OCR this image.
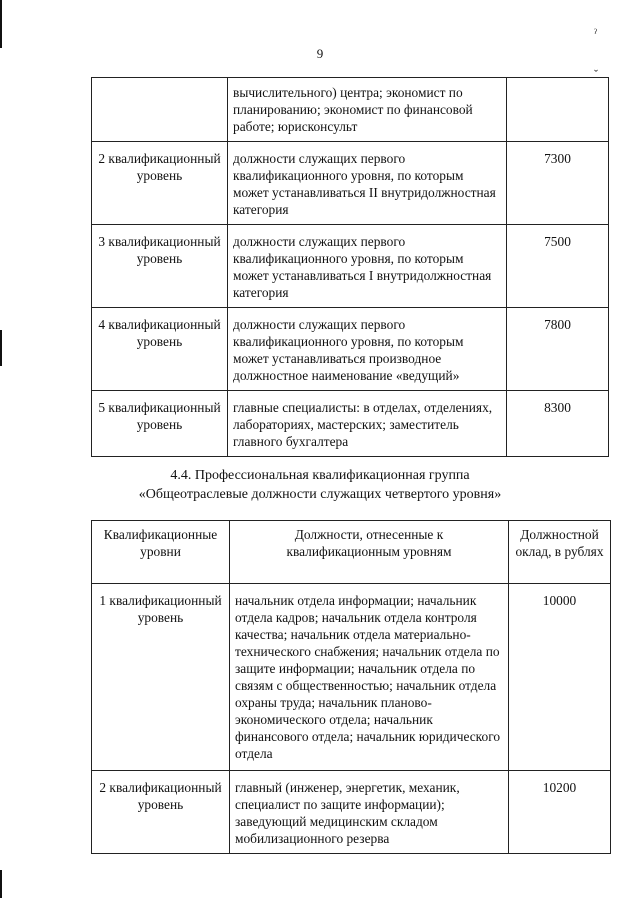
9
ˀ
ˬ
	вычислительного) центра; экономист по планированию; экономист по финансовой работе; юрисконсульт	
2 квалификационный уровень	должности служащих первого квалификационного уровня, по которым может устанавливаться II внутридолжностная категория	7300
3 квалификационный уровень	должности служащих первого квалификационного уровня, по которым может устанавливаться I внутридолжностная категория	7500
4 квалификационный уровень	должности служащих первого квалификационного уровня, по которым может устанавливаться производное должностное наименование «ведущий»	7800
5 квалификационный уровень	главные специалисты: в отделах, отделениях, лабораториях, мастерских; заместитель главного бухгалтера	8300
4.4. Профессиональная квалификационная группа
«Общеотраслевые должности служащих четвертого уровня»
Квалификационные уровни	Должности, отнесенные к квалификационным уровням	Должностной оклад, в рублях
1 квалификационный уровень	начальник отдела информации; начальник отдела кадров; начальник отдела контроля качества; начальник отдела материально-технического снабжения; начальник отдела по защите информации; начальник отдела по связям с общественностью; начальник отдела охраны труда; начальник планово-экономического отдела; начальник финансового отдела; начальник юридического отдела	10000
2 квалификационный уровень	главный (инженер, энергетик, механик, специалист по защите информации); заведующий медицинским складом мобилизационного резерва	10200
